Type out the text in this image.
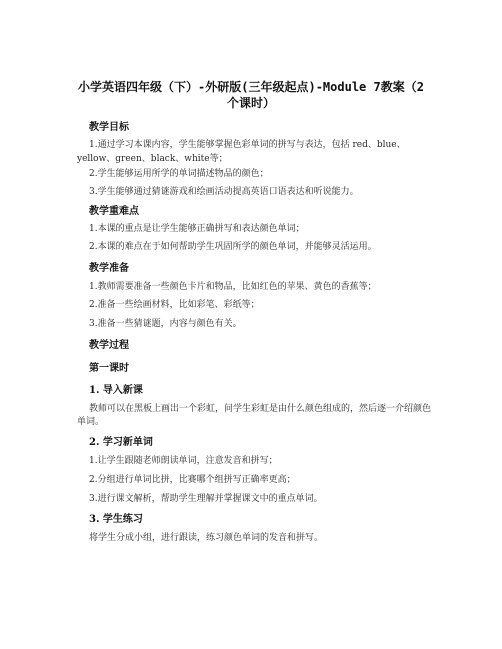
小学英语四年级（下）-外研版(三年级起点)-Module 7教案（2

个课时）

教学目标

1.通过学习本课内容，学生能够掌握色彩单词的拼写与表达，包括 red、blue、

yellow、green、black、white等；

2.学生能够运用所学的单词描述物品的颜色；

3.学生能够通过猜谜游戏和绘画活动提高英语口语表达和听说能力。

教学重难点

1.本课的重点是让学生能够正确拼写和表达颜色单词；

2.本课的难点在于如何帮助学生巩固所学的颜色单词，并能够灵活运用。

教学准备

1.教师需要准备一些颜色卡片和物品，比如红色的苹果、黄色的香蕉等；

2.准备一些绘画材料，比如彩笔、彩纸等；

3.准备一些猜谜题，内容与颜色有关。

教学过程

第一课时

1. 导入新课

教师可以在黑板上画出一个彩虹，问学生彩虹是由什么颜色组成的，然后逐一介绍颜色单词。

2. 学习新单词

1.让学生跟随老师朗读单词，注意发音和拼写；

2.分组进行单词比拼，比赛哪个组拼写正确率更高；

3.进行课文解析，帮助学生理解并掌握课文中的重点单词。

3. 学生练习

将学生分成小组，进行跟读，练习颜色单词的发音和拼写。
